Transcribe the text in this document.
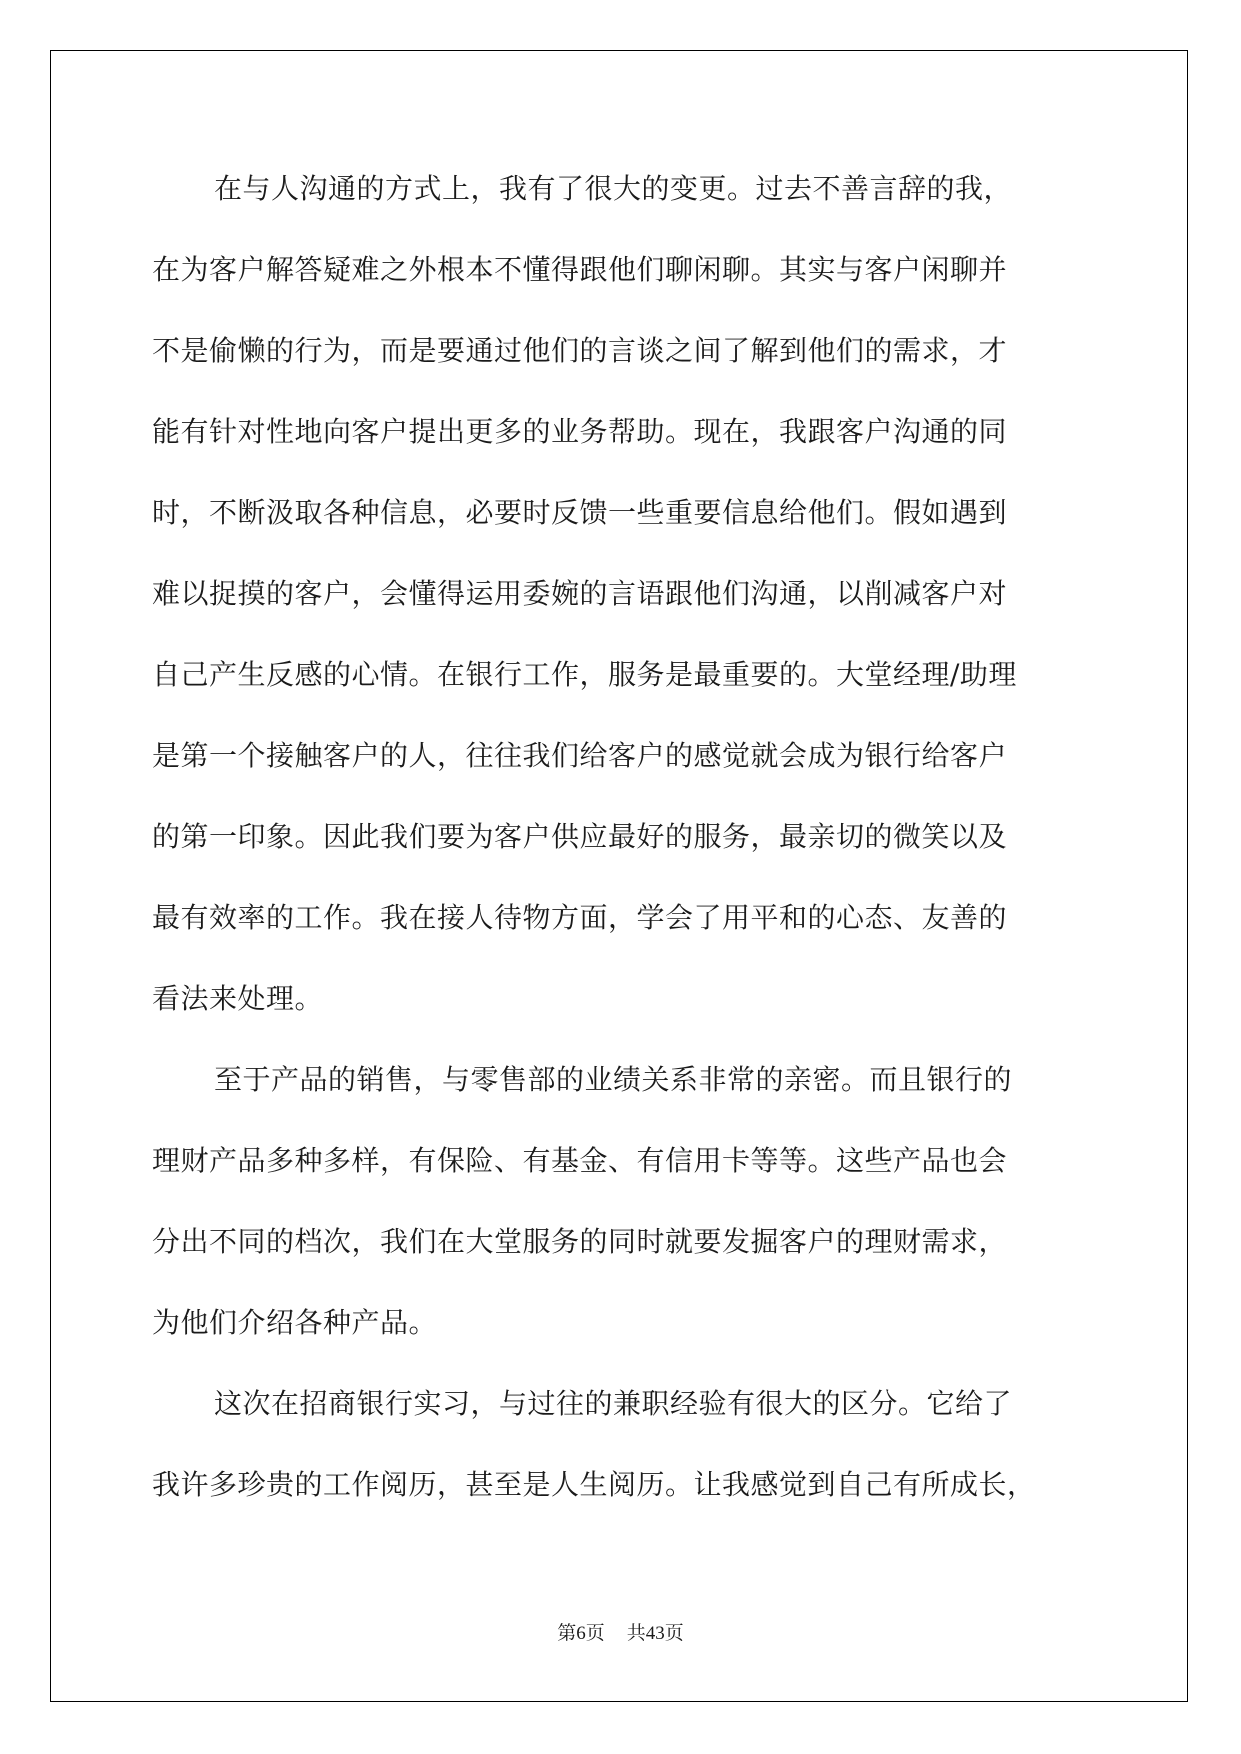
在与人沟通的方式上，我有了很大的变更。过去不善言辞的我，
在为客户解答疑难之外根本不懂得跟他们聊闲聊。其实与客户闲聊并
不是偷懒的行为，而是要通过他们的言谈之间了解到他们的需求，才
能有针对性地向客户提出更多的业务帮助。现在，我跟客户沟通的同
时，不断汲取各种信息，必要时反馈一些重要信息给他们。假如遇到
难以捉摸的客户，会懂得运用委婉的言语跟他们沟通，以削减客户对
自己产生反感的心情。在银行工作，服务是最重要的。大堂经理/助理
是第一个接触客户的人，往往我们给客户的感觉就会成为银行给客户
的第一印象。因此我们要为客户供应最好的服务，最亲切的微笑以及
最有效率的工作。我在接人待物方面，学会了用平和的心态、友善的
看法来处理。
至于产品的销售，与零售部的业绩关系非常的亲密。而且银行的
理财产品多种多样，有保险、有基金、有信用卡等等。这些产品也会
分出不同的档次，我们在大堂服务的同时就要发掘客户的理财需求，
为他们介绍各种产品。
这次在招商银行实习，与过往的兼职经验有很大的区分。它给了
我许多珍贵的工作阅历，甚至是人生阅历。让我感觉到自己有所成长，
第6页 共43页
